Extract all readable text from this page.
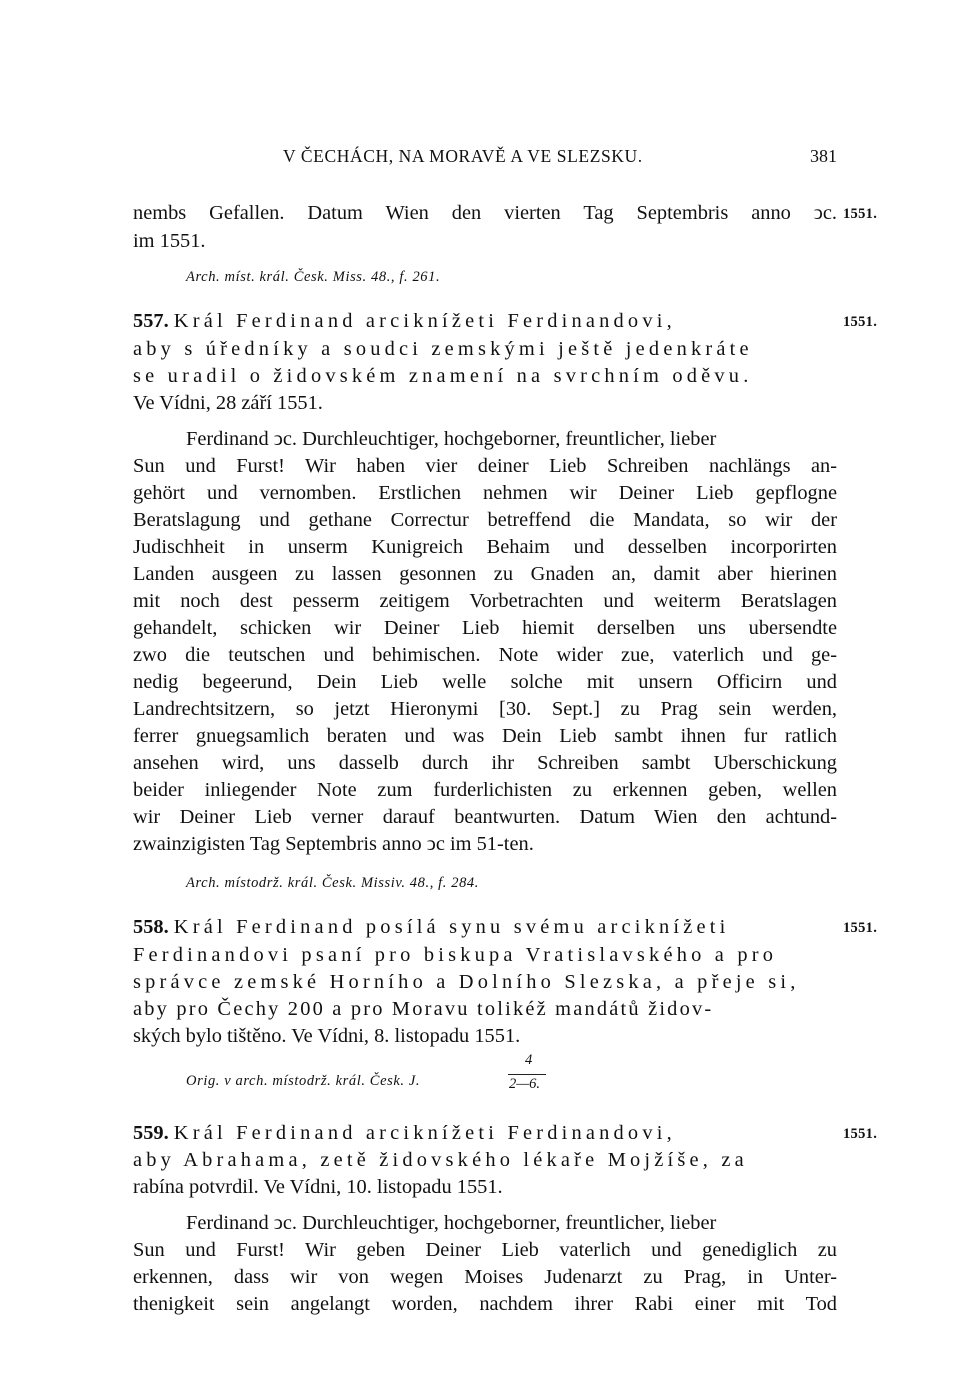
V ČECHÁCH, NA MORAVĚ A VE SLEZSKU.	381
nembs Gefallen. Datum Wien den vierten Tag Septembris anno ↄc. 1551.
im 1551.
Arch. míst. král. Česk. Miss. 48., f. 261.
557. Král Ferdinand arciknížeti Ferdinandovi,	1551.
aby s úředníky a soudci zemskými ještě jedenkráte
se uradil o židovském znamení na svrchním oděvu.
Ve Vídni, 28 září 1551.
Ferdinand ↄc. Durchleuchtiger, hochgeborner, freuntlicher, lieber
Sun und Furst! Wir haben vier deiner Lieb Schreiben nachlängs an-
gehört und vernomben. Erstlichen nehmen wir Deiner Lieb gepflogne
Beratslagung und gethane Correctur betreffend die Mandata, so wir der
Judischheit in unserm Kunigreich Behaim und desselben incorporirten
Landen ausgeen zu lassen gesonnen zu Gnaden an, damit aber hierinen
mit noch dest pesserm zeitigem Vorbetrachten und weiterm Beratslagen
gehandelt, schicken wir Deiner Lieb hiemit derselben uns ubersendte
zwo die teutschen und behimischen. Note wider zue, vaterlich und ge-
nedig begeerund, Dein Lieb welle solche mit unsern Officirn und
Landrechtsitzern, so jetzt Hieronymi [30. Sept.] zu Prag sein werden,
ferrer gnuegsamlich beraten und was Dein Lieb sambt ihnen fur ratlich
ansehen wird, uns dasselb durch ihr Schreiben sambt Uberschickung
beider inliegender Note zum furderlichisten zu erkennen geben, wellen
wir Deiner Lieb verner darauf beantwurten. Datum Wien den achtund-
zwainzigisten Tag Septembris anno ↄc im 51-ten.
Arch. místodrž. král. Česk. Missiv. 48., f. 284.
558. Král Ferdinand posílá synu svému arciknížeti	1551.
Ferdinandovi psaní pro biskupa Vratislavského a pro
správce zemské Horního a Dolního Slezska, a přeje si,
aby pro Čechy 200 a pro Moravu tolikéž mandátů židov-
ských bylo tištěno. Ve Vídni, 8. listopadu 1551.
Orig. v arch. místodrž. král. Česk. J.
4
2—6.
559. Král Ferdinand arciknížeti Ferdinandovi,	1551.
aby Abrahama, zetě židovského lékaře Mojžíše, za
rabína potvrdil. Ve Vídni, 10. listopadu 1551.
Ferdinand ↄc. Durchleuchtiger, hochgeborner, freuntlicher, lieber
Sun und Furst! Wir geben Deiner Lieb vaterlich und genediglich zu
erkennen, dass wir von wegen Moises Judenarzt zu Prag, in Unter-
thenigkeit sein angelangt worden, nachdem ihrer Rabi einer mit Tod
